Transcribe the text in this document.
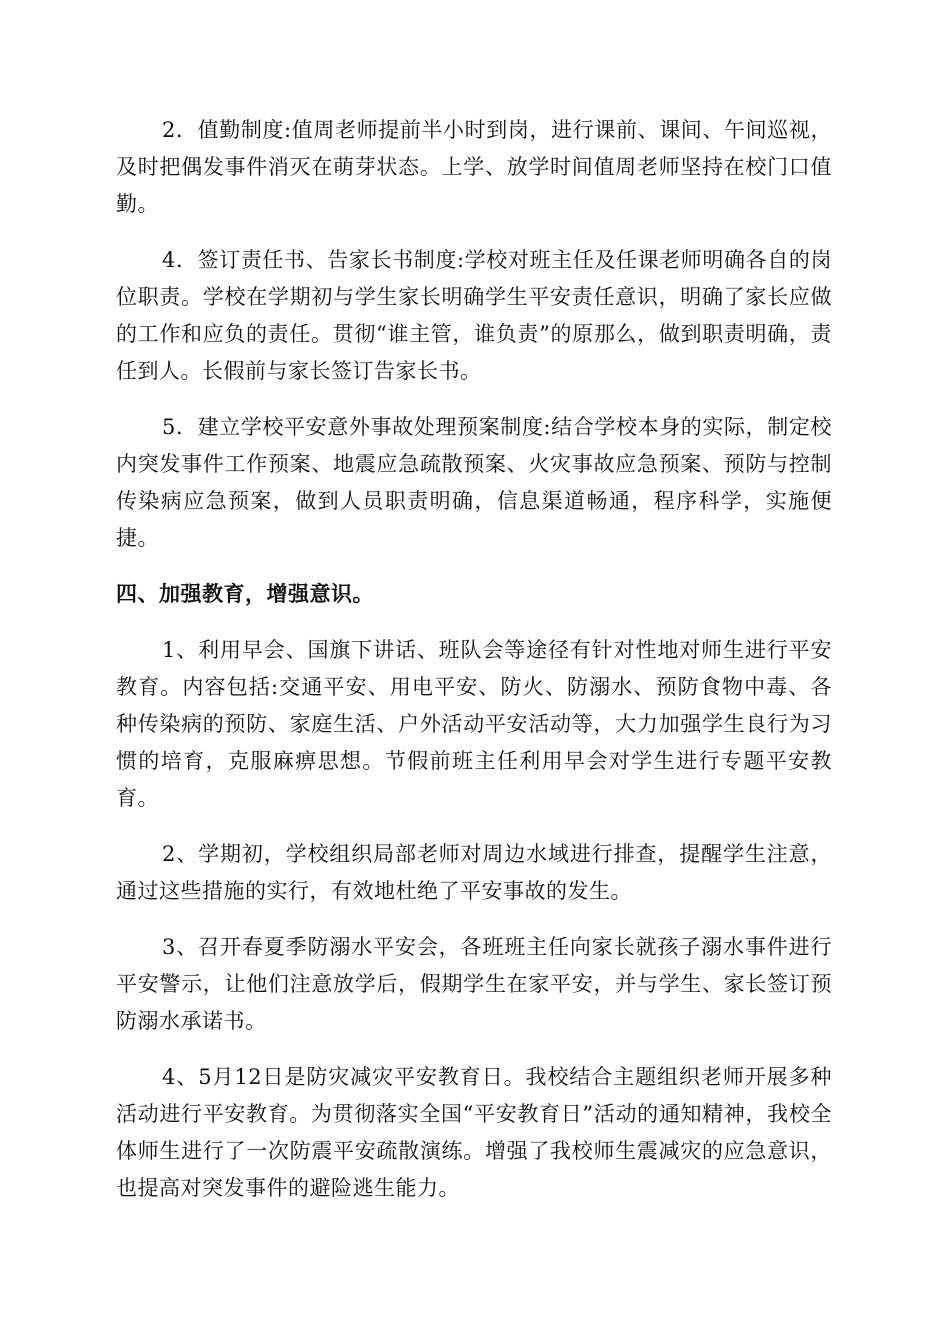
2．值勤制度:值周老师提前半小时到岗，进行课前、课间、午间巡视，及时把偶发事件消灭在萌芽状态。上学、放学时间值周老师坚持在校门口值勤。

4．签订责任书、告家长书制度:学校对班主任及任课老师明确各自的岗位职责。学校在学期初与学生家长明确学生平安责任意识，明确了家长应做的工作和应负的责任。贯彻“谁主管，谁负责”的原那么，做到职责明确，责任到人。长假前与家长签订告家长书。

5．建立学校平安意外事故处理预案制度:结合学校本身的实际，制定校内突发事件工作预案、地震应急疏散预案、火灾事故应急预案、预防与控制传染病应急预案，做到人员职责明确，信息渠道畅通，程序科学，实施便捷。

四、加强教育，增强意识。

1、利用早会、国旗下讲话、班队会等途径有针对性地对师生进行平安教育。内容包括:交通平安、用电平安、防火、防溺水、预防食物中毒、各种传染病的预防、家庭生活、户外活动平安活动等，大力加强学生良行为习惯的培育，克服麻痹思想。节假前班主任利用早会对学生进行专题平安教育。

2、学期初，学校组织局部老师对周边水域进行排查，提醒学生注意，通过这些措施的实行，有效地杜绝了平安事故的发生。

3、召开春夏季防溺水平安会，各班班主任向家长就孩子溺水事件进行平安警示，让他们注意放学后，假期学生在家平安，并与学生、家长签订预防溺水承诺书。

4、5月12日是防灾减灾平安教育日。我校结合主题组织老师开展多种活动进行平安教育。为贯彻落实全国“平安教育日”活动的通知精神，我校全体师生进行了一次防震平安疏散演练。增强了我校师生震减灾的应急意识，也提高对突发事件的避险逃生能力。
